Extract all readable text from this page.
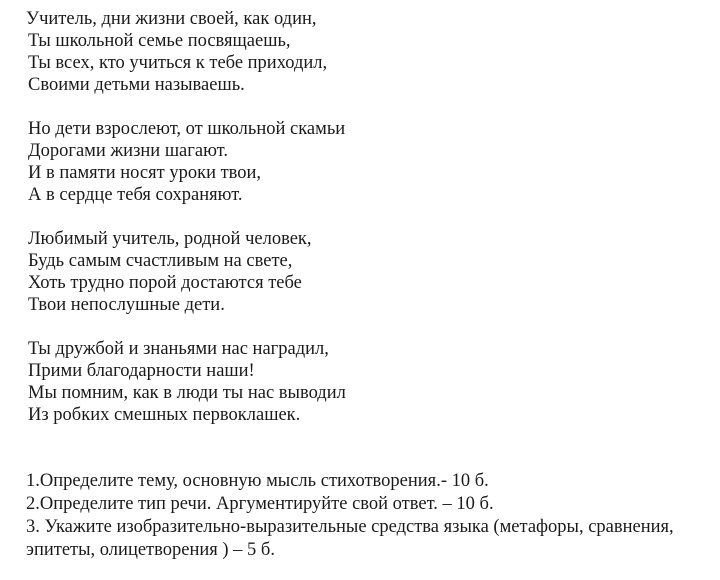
Учитель, дни жизни своей, как один,
Ты школьной семье посвящаешь,
Ты всех, кто учиться к тебе приходил,
Своими детьми называешь.
Но дети взрослеют, от школьной скамьи
Дорогами жизни шагают.
И в памяти носят уроки твои,
А в сердце тебя сохраняют.
Любимый учитель, родной человек,
Будь самым счастливым на свете,
Хоть трудно порой достаются тебе
Твои непослушные дети.
Ты дружбой и знаньями нас наградил,
Прими благодарности наши!
Мы помним, как в люди ты нас выводил
Из робких смешных первоклашек.
1.Определите тему, основную мысль стихотворения.- 10 б.
2.Определите тип речи. Аргументируйте свой ответ. – 10 б.
3. Укажите изобразительно-выразительные средства языка (метафоры, сравнения,
эпитеты, олицетворения ) – 5 б.
